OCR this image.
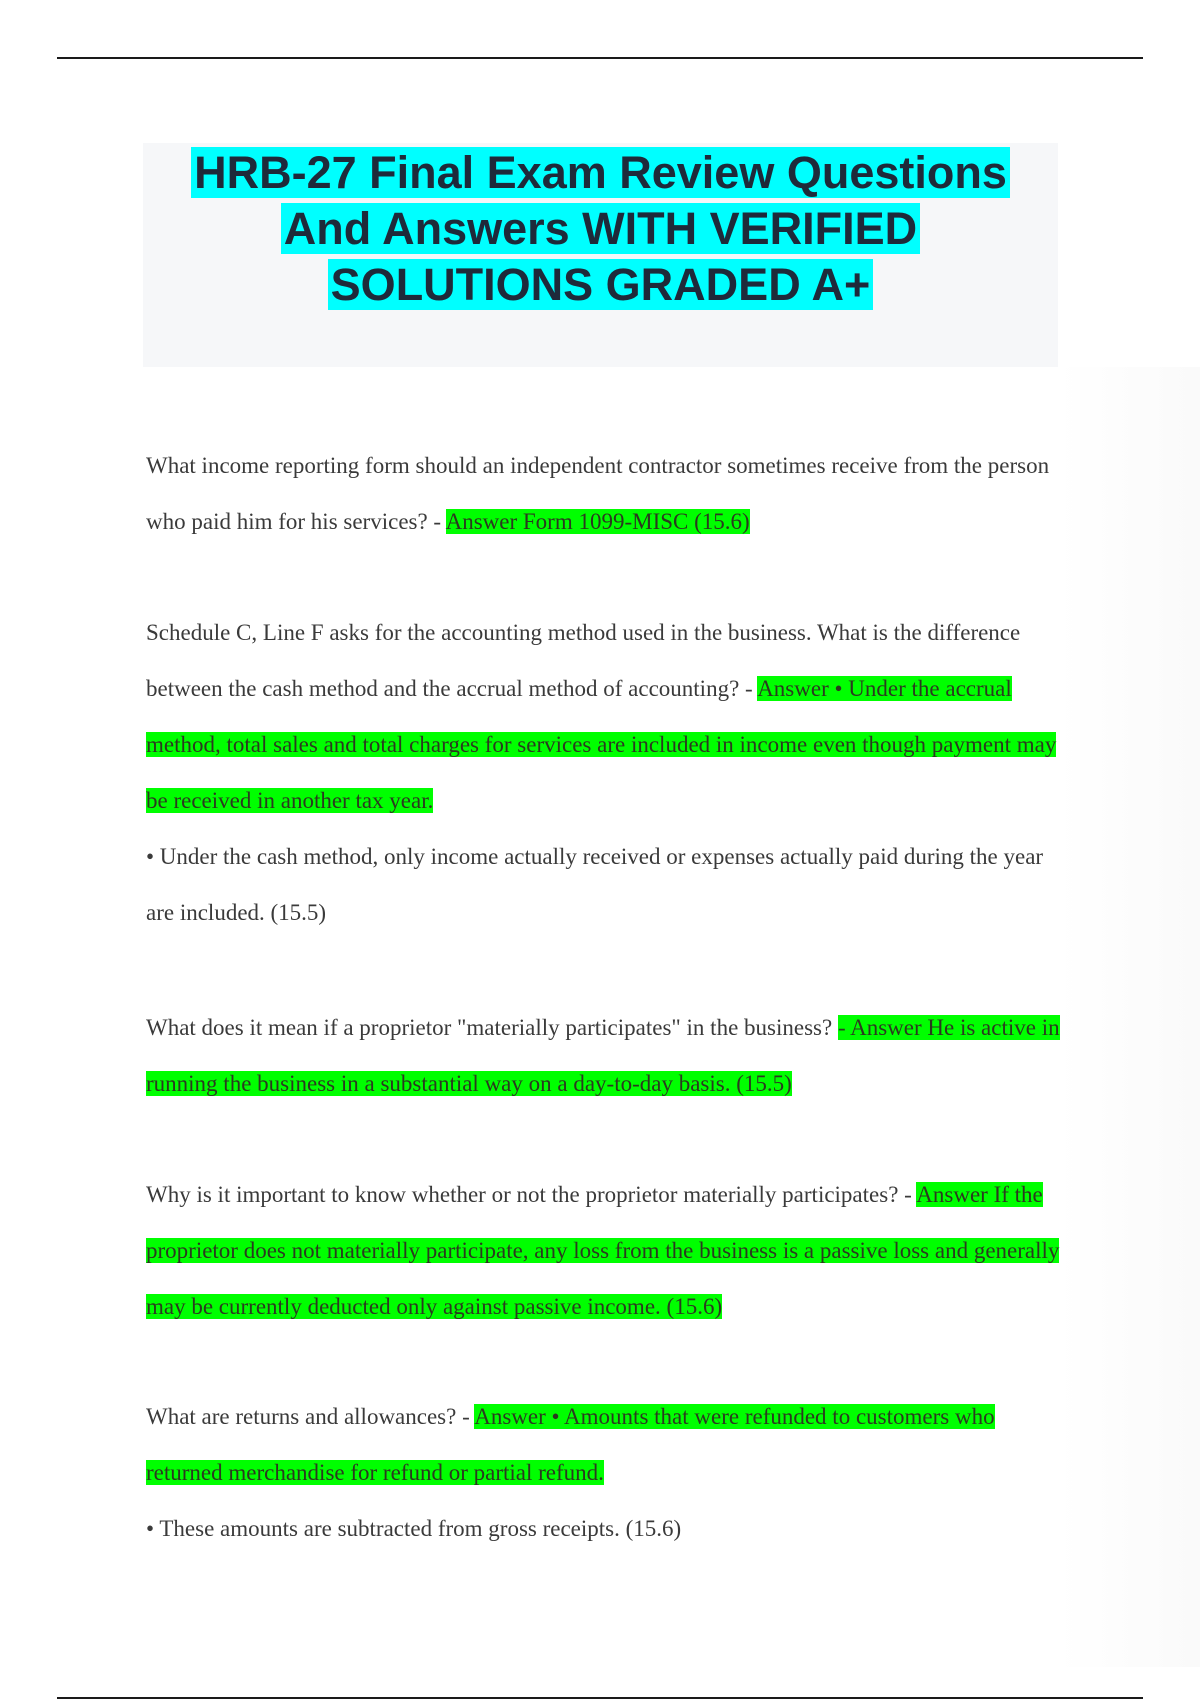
HRB-27 Final Exam Review Questions
And Answers WITH VERIFIED
SOLUTIONS GRADED A+

What income reporting form should an independent contractor sometimes receive from the person who paid him for his services? - Answer Form 1099-MISC (15.6)

Schedule C, Line F asks for the accounting method used in the business. What is the difference between the cash method and the accrual method of accounting? - Answer • Under the accrual method, total sales and total charges for services are included in income even though payment may be received in another tax year.

• Under the cash method, only income actually received or expenses actually paid during the year are included. (15.5)

What does it mean if a proprietor "materially participates" in the business? - Answer He is active in running the business in a substantial way on a day-to-day basis. (15.5)

Why is it important to know whether or not the proprietor materially participates? - Answer If the proprietor does not materially participate, any loss from the business is a passive loss and generally may be currently deducted only against passive income. (15.6)

What are returns and allowances? - Answer • Amounts that were refunded to customers who returned merchandise for refund or partial refund.

• These amounts are subtracted from gross receipts. (15.6)
